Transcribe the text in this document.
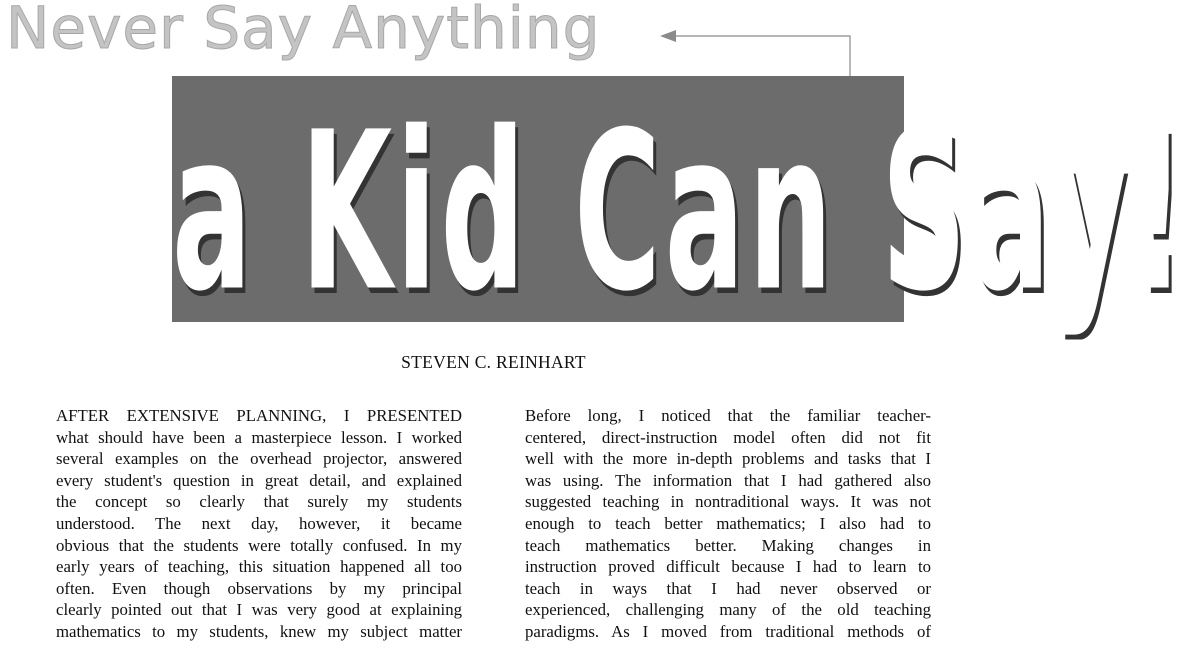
Never Say Anything
a Kid Can Say!
STEVEN C. REINHART
AFTER EXTENSIVE PLANNING, I PRESENTED
what should have been a masterpiece lesson. I worked
several examples on the overhead projector, answered
every student's question in great detail, and explained
the concept so clearly that surely my students
understood. The next day, however, it became
obvious that the students were totally confused. In my
early years of teaching, this situation happened all too
often. Even though observations by my principal
clearly pointed out that I was very good at explaining
mathematics to my students, knew my subject matter
Before long, I noticed that the familiar teacher-
centered, direct-instruction model often did not fit
well with the more in-depth problems and tasks that I
was using. The information that I had gathered also
suggested teaching in nontraditional ways. It was not
enough to teach better mathematics; I also had to
teach mathematics better. Making changes in
instruction proved difficult because I had to learn to
teach in ways that I had never observed or
experienced, challenging many of the old teaching
paradigms. As I moved from traditional methods of
